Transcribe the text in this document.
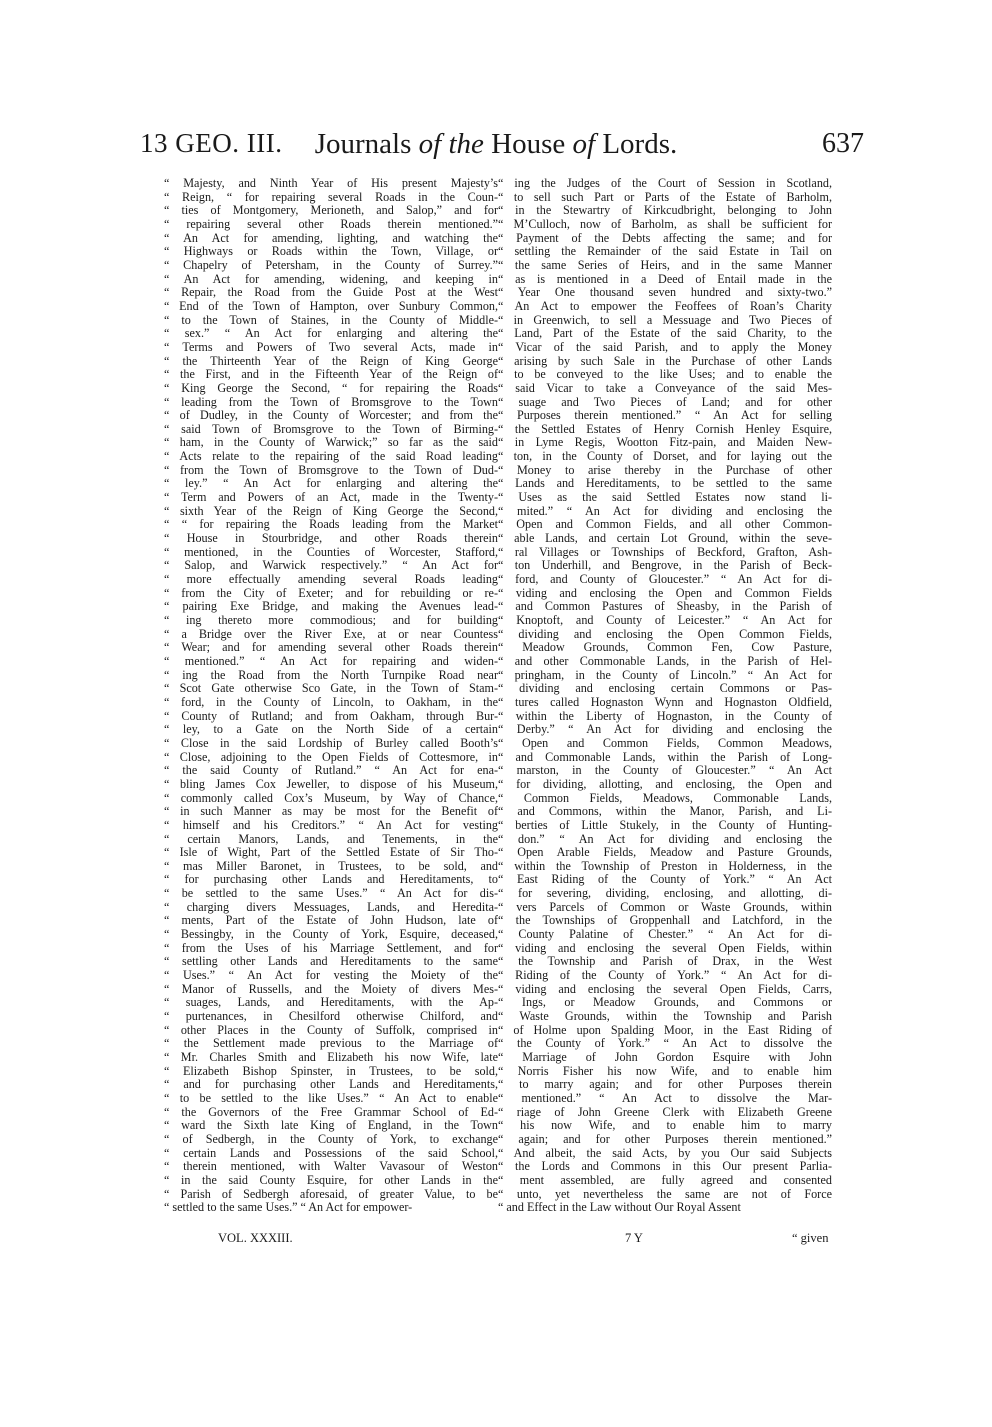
13 GEO. III.	Journals of the House of Lords.	637
“ Majesty, and Ninth Year of His present Majesty’s
“ Reign, “ for repairing several Roads in the Coun-
“ ties of Montgomery, Merioneth, and Salop,” and for
“ repairing several other Roads therein mentioned.”
“ An Act for amending, lighting, and watching the
“ Highways or Roads within the Town, Village, or
“ Chapelry of Petersham, in the County of Surrey.”
“ An Act for amending, widening, and keeping in
“ Repair, the Road from the Guide Post at the West
“ End of the Town of Hampton, over Sunbury Common,
“ to the Town of Staines, in the County of Middle-
“ sex.” “ An Act for enlarging and altering the
“ Terms and Powers of Two several Acts, made in
“ the Thirteenth Year of the Reign of King George
“ the First, and in the Fifteenth Year of the Reign of
“ King George the Second, “ for repairing the Roads
“ leading from the Town of Bromsgrove to the Town
“ of Dudley, in the County of Worcester; and from the
“ said Town of Bromsgrove to the Town of Birming-
“ ham, in the County of Warwick;” so far as the said
“ Acts relate to the repairing of the said Road leading
“ from the Town of Bromsgrove to the Town of Dud-
“ ley.” “ An Act for enlarging and altering the
“ Term and Powers of an Act, made in the Twenty-
“ sixth Year of the Reign of King George the Second,
“ “ for repairing the Roads leading from the Market
“ House in Stourbridge, and other Roads therein
“ mentioned, in the Counties of Worcester, Stafford,
“ Salop, and Warwick respectively.” “ An Act for
“ more effectually amending several Roads leading
“ from the City of Exeter; and for rebuilding or re-
“ pairing Exe Bridge, and making the Avenues lead-
“ ing thereto more commodious; and for building
“ a Bridge over the River Exe, at or near Countess
“ Wear; and for amending several other Roads therein
“ mentioned.” “ An Act for repairing and widen-
“ ing the Road from the North Turnpike Road near
“ Scot Gate otherwise Sco Gate, in the Town of Stam-
“ ford, in the County of Lincoln, to Oakham, in the
“ County of Rutland; and from Oakham, through Bur-
“ ley, to a Gate on the North Side of a certain
“ Close in the said Lordship of Burley called Booth’s
“ Close, adjoining to the Open Fields of Cottesmore, in
“ the said County of Rutland.” “ An Act for ena-
“ bling James Cox Jeweller, to dispose of his Museum,
“ commonly called Cox’s Museum, by Way of Chance,
“ in such Manner as may be most for the Benefit of
“ himself and his Creditors.” “ An Act for vesting
“ certain Manors, Lands, and Tenements, in the
“ Isle of Wight, Part of the Settled Estate of Sir Tho-
“ mas Miller Baronet, in Trustees, to be sold, and
“ for purchasing other Lands and Hereditaments, to
“ be settled to the same Uses.” “ An Act for dis-
“ charging divers Messuages, Lands, and Heredita-
“ ments, Part of the Estate of John Hudson, late of
“ Bessingby, in the County of York, Esquire, deceased,
“ from the Uses of his Marriage Settlement, and for
“ settling other Lands and Hereditaments to the same
“ Uses.” “ An Act for vesting the Moiety of the
“ Manor of Russells, and the Moiety of divers Mes-
“ suages, Lands, and Hereditaments, with the Ap-
“ purtenances, in Chesilford otherwise Chilford, and
“ other Places in the County of Suffolk, comprised in
“ the Settlement made previous to the Marriage of
“ Mr. Charles Smith and Elizabeth his now Wife, late
“ Elizabeth Bishop Spinster, in Trustees, to be sold,
“ and for purchasing other Lands and Hereditaments,
“ to be settled to the like Uses.” “ An Act to enable
“ the Governors of the Free Grammar School of Ed-
“ ward the Sixth late King of England, in the Town
“ of Sedbergh, in the County of York, to exchange
“ certain Lands and Possessions of the said School,
“ therein mentioned, with Walter Vavasour of Weston
“ in the said County Esquire, for other Lands in the
“ Parish of Sedbergh aforesaid, of greater Value, to be
“ settled to the same Uses.” “ An Act for empower-
“ ing the Judges of the Court of Session in Scotland,
“ to sell such Part or Parts of the Estate of Barholm,
“ in the Stewartry of Kirkcudbright, belonging to John
“ M’Culloch, now of Barholm, as shall be sufficient for
“ Payment of the Debts affecting the same; and for
“ settling the Remainder of the said Estate in Tail on
“ the same Series of Heirs, and in the same Manner
“ as is mentioned in a Deed of Entail made in the
“ Year One thousand seven hundred and sixty-two.”
“ An Act to empower the Feoffees of Roan’s Charity
“ in Greenwich, to sell a Messuage and Two Pieces of
“ Land, Part of the Estate of the said Charity, to the
“ Vicar of the said Parish, and to apply the Money
“ arising by such Sale in the Purchase of other Lands
“ to be conveyed to the like Uses; and to enable the
“ said Vicar to take a Conveyance of the said Mes-
“ suage and Two Pieces of Land; and for other
“ Purposes therein mentioned.” “ An Act for selling
“ the Settled Estates of Henry Cornish Henley Esquire,
“ in Lyme Regis, Wootton Fitz-pain, and Maiden New-
“ ton, in the County of Dorset, and for laying out the
“ Money to arise thereby in the Purchase of other
“ Lands and Hereditaments, to be settled to the same
“ Uses as the said Settled Estates now stand li-
“ mited.” “ An Act for dividing and enclosing the
“ Open and Common Fields, and all other Common-
“ able Lands, and certain Lot Ground, within the seve-
“ ral Villages or Townships of Beckford, Grafton, Ash-
“ ton Underhill, and Bengrove, in the Parish of Beck-
“ ford, and County of Gloucester.” “ An Act for di-
“ viding and enclosing the Open and Common Fields
“ and Common Pastures of Sheasby, in the Parish of
“ Knoptoft, and County of Leicester.” “ An Act for
“ dividing and enclosing the Open Common Fields,
“ Meadow Grounds, Common Fen, Cow Pasture,
“ and other Commonable Lands, in the Parish of Hel-
“ pringham, in the County of Lincoln.” “ An Act for
“ dividing and enclosing certain Commons or Pas-
“ tures called Hognaston Wynn and Hognaston Oldfield,
“ within the Liberty of Hognaston, in the County of
“ Derby.” “ An Act for dividing and enclosing the
“ Open and Common Fields, Common Meadows,
“ and Commonable Lands, within the Parish of Long-
“ marston, in the County of Gloucester.” “ An Act
“ for dividing, allotting, and enclosing, the Open and
“ Common Fields, Meadows, Commonable Lands,
“ and Commons, within the Manor, Parish, and Li-
“ berties of Little Stukely, in the County of Hunting-
“ don.” “ An Act for dividing and enclosing the
“ Open Arable Fields, Meadow and Pasture Grounds,
“ within the Township of Preston in Holderness, in the
“ East Riding of the County of York.” “ An Act
“ for severing, dividing, enclosing, and allotting, di-
“ vers Parcels of Common or Waste Grounds, within
“ the Townships of Groppenhall and Latchford, in the
“ County Palatine of Chester.” “ An Act for di-
“ viding and enclosing the several Open Fields, within
“ the Township and Parish of Drax, in the West
“ Riding of the County of York.” “ An Act for di-
“ viding and enclosing the several Open Fields, Carrs,
“ Ings, or Meadow Grounds, and Commons or
“ Waste Grounds, within the Township and Parish
“ of Holme upon Spalding Moor, in the East Riding of
“ the County of York.” “ An Act to dissolve the
“ Marriage of John Gordon Esquire with John
“ Norris Fisher his now Wife, and to enable him
“ to marry again; and for other Purposes therein
“ mentioned.” “ An Act to dissolve the Mar-
“ riage of John Greene Clerk with Elizabeth Greene
“ his now Wife, and to enable him to marry
“ again; and for other Purposes therein mentioned.”
“ And albeit, the said Acts, by you Our said Subjects
“ the Lords and Commons in this Our present Parlia-
“ ment assembled, are fully agreed and consented
“ unto, yet nevertheless the same are not of Force
“ and Effect in the Law without Our Royal Assent
VOL. XXXIII.	7 Y	“ given
